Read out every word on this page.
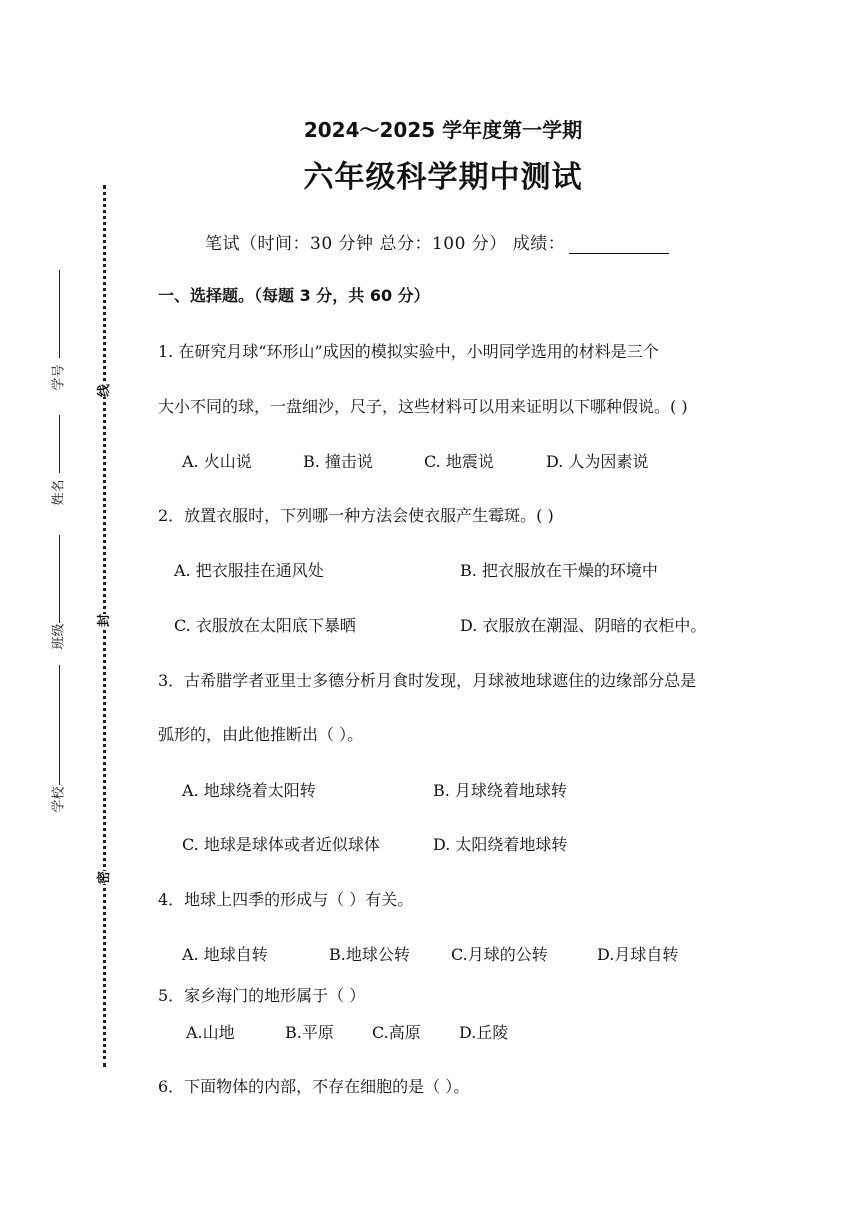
线
封
密
学号
姓名
班级
学校
2024～2025 学年度第一学期
六年级科学期中测试
笔试（时间：30 分钟 总分：100 分） 成绩：
一、选择题。（每题 3 分，共 60 分）
1. 在研究月球“环形山”成因的模拟实验中，小明同学选用的材料是三个
大小不同的球，一盘细沙，尺子，这些材料可以用来证明以下哪种假说。( )
A. 火山说	B. 撞击说	C. 地震说	D. 人为因素说
2．放置衣服时，下列哪一种方法会使衣服产生霉斑。( )
A. 把衣服挂在通风处	B. 把衣服放在干燥的环境中
C. 衣服放在太阳底下暴晒	D. 衣服放在潮湿、阴暗的衣柜中。
3．古希腊学者亚里士多德分析月食时发现，月球被地球遮住的边缘部分总是
弧形的，由此他推断出（ ）。
A. 地球绕着太阳转	B. 月球绕着地球转
C. 地球是球体或者近似球体	D. 太阳绕着地球转
4．地球上四季的形成与（ ）有关。
A. 地球自转	B.地球公转	C.月球的公转	D.月球自转
5．家乡海门的地形属于（ ）
A.山地	B.平原 C.高原 D.丘陵
6．下面物体的内部，不存在细胞的是（ ）。
